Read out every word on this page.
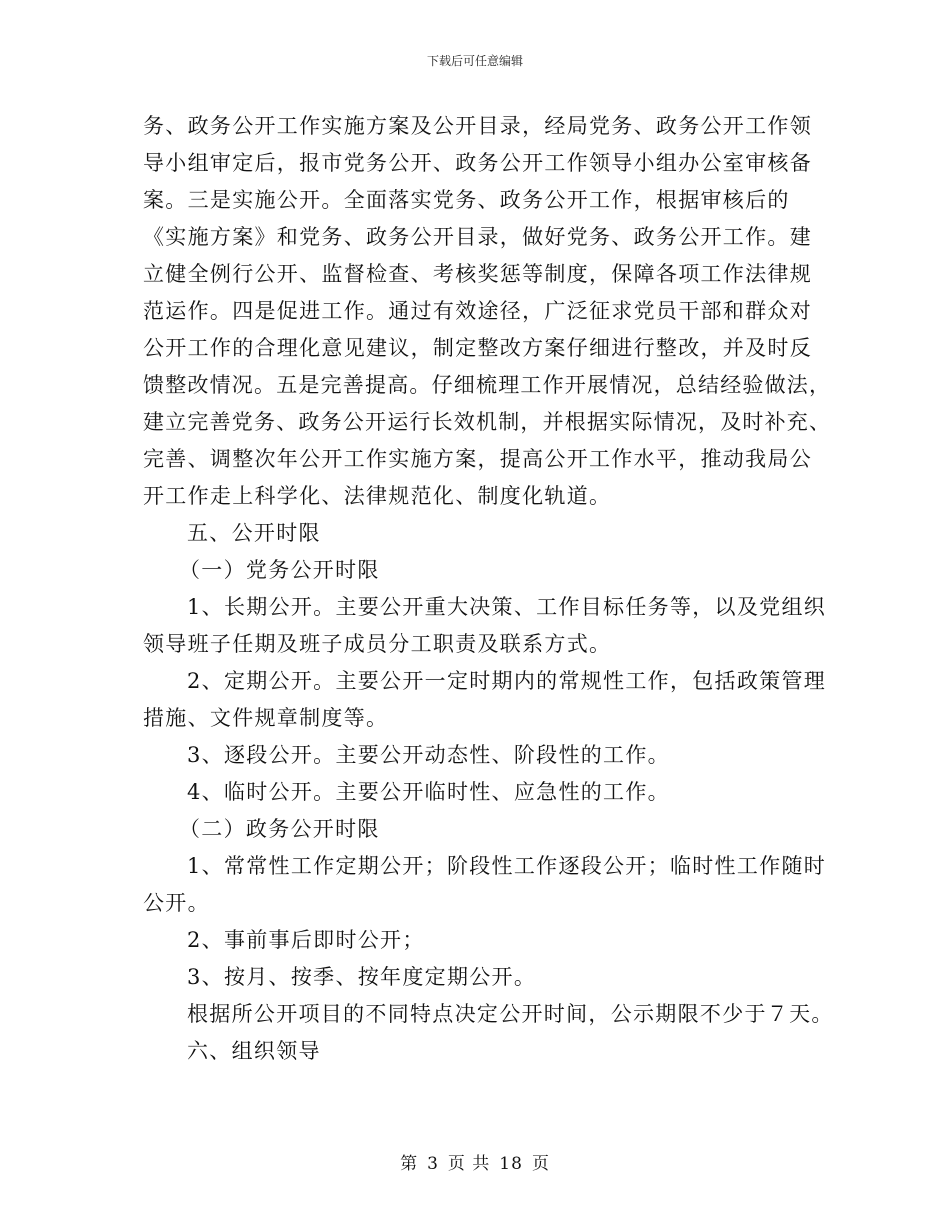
下载后可任意编辑
务、政务公开工作实施方案及公开目录，经局党务、政务公开工作领
导小组审定后，报市党务公开、政务公开工作领导小组办公室审核备
案。三是实施公开。全面落实党务、政务公开工作，根据审核后的
《实施方案》和党务、政务公开目录，做好党务、政务公开工作。建
立健全例行公开、监督检查、考核奖惩等制度，保障各项工作法律规
范运作。四是促进工作。通过有效途径，广泛征求党员干部和群众对
公开工作的合理化意见建议，制定整改方案仔细进行整改，并及时反
馈整改情况。五是完善提高。仔细梳理工作开展情况，总结经验做法，
建立完善党务、政务公开运行长效机制，并根据实际情况，及时补充、
完善、调整次年公开工作实施方案，提高公开工作水平，推动我局公
开工作走上科学化、法律规范化、制度化轨道。
五、公开时限
（一）党务公开时限
1、长期公开。主要公开重大决策、工作目标任务等，以及党组织
领导班子任期及班子成员分工职责及联系方式。
2、定期公开。主要公开一定时期内的常规性工作，包括政策管理
措施、文件规章制度等。
3、逐段公开。主要公开动态性、阶段性的工作。
4、临时公开。主要公开临时性、应急性的工作。
（二）政务公开时限
1、常常性工作定期公开；阶段性工作逐段公开；临时性工作随时
公开。
2、事前事后即时公开；
3、按月、按季、按年度定期公开。
根据所公开项目的不同特点决定公开时间，公示期限不少于７天。
六、组织领导
第 3 页 共 18 页
